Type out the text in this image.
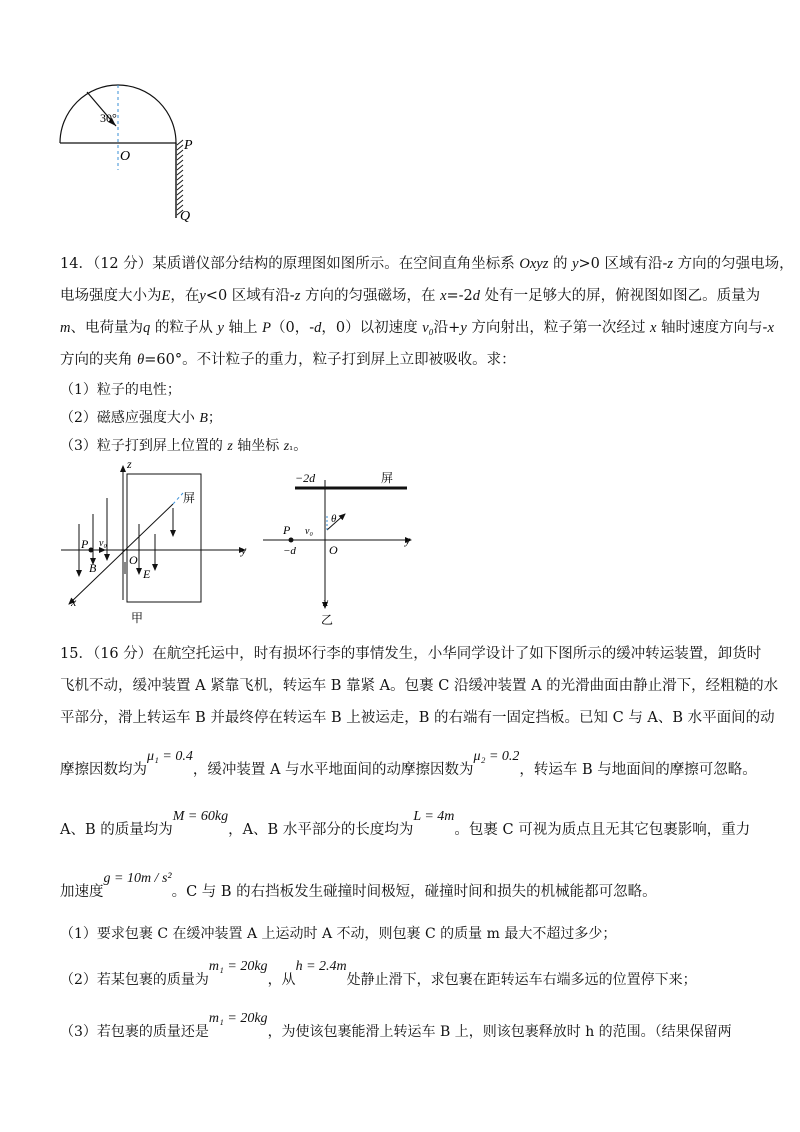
30°
O
P
Q
14．（12 分）某质谱仪部分结构的原理图如图所示。在空间直角坐标系 Oxyz 的 y>0 区域有沿-z 方向的匀强电场，
电场强度大小为E，在y<0 区域有沿-z 方向的匀强磁场，在 x=-2d 处有一足够大的屏，俯视图如图乙。质量为
m、电荷量为q 的粒子从 y 轴上 P（0，-d，0）以初速度 v₀沿+y 方向射出，粒子第一次经过 x 轴时速度方向与-x
方向的夹角 θ=60°。不计粒子的重力，粒子打到屏上立即被吸收。求：
（1）粒子的电性；
（2）磁感应强度大小 B；
（3）粒子打到屏上位置的 z 轴坐标 z₁。
z
屏
P v₀
B
O
E
y
x
甲
−2d	屏
θ
P v₀
−d	O
y
x
乙
15．（16 分）在航空托运中，时有损坏行李的事情发生，小华同学设计了如下图所示的缓冲转运装置，卸货时
飞机不动，缓冲装置 A 紧靠飞机，转运车 B 靠紧 A。包裹 C 沿缓冲装置 A 的光滑曲面由静止滑下，经粗糙的水
平部分，滑上转运车 B 并最终停在转运车 B 上被运走，B 的右端有一固定挡板。已知 C 与 A、B 水平面间的动
摩擦因数均为μ₁ = 0.4，缓冲装置 A 与水平地面间的动摩擦因数为μ₂ = 0.2，转运车 B 与地面间的摩擦可忽略。
A、B 的质量均为M = 60kg，A、B 水平部分的长度均为L = 4m。包裹 C 可视为质点且无其它包裹影响，重力
加速度g = 10m / s²。C 与 B 的右挡板发生碰撞时间极短，碰撞时间和损失的机械能都可忽略。
（1）要求包裹 C 在缓冲装置 A 上运动时 A 不动，则包裹 C 的质量 m 最大不超过多少；
（2）若某包裹的质量为m₁ = 20kg，从h = 2.4m处静止滑下，求包裹在距转运车右端多远的位置停下来；
（3）若包裹的质量还是m₁ = 20kg，为使该包裹能滑上转运车 B 上，则该包裹释放时 h 的范围。（结果保留两
